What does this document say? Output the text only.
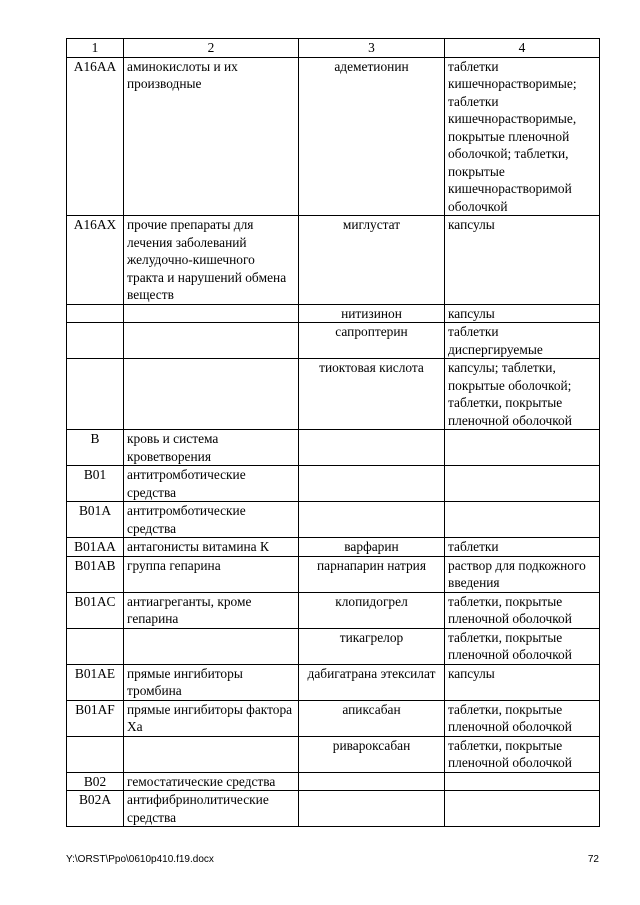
1	2	3	4
A16AA	аминокислоты и их производные	адеметионин	таблетки кишечнорастворимые; таблетки кишечнорастворимые, покрытые пленочной оболочкой; таблетки, покрытые кишечнорастворимой оболочкой
A16AX	прочие препараты для лечения заболеваний желудочно-кишечного тракта и нарушений обмена веществ	миглустат	капсулы
		нитизинон	капсулы
		сапроптерин	таблетки диспергируемые
		тиоктовая кислота	капсулы; таблетки, покрытые оболочкой; таблетки, покрытые пленочной оболочкой
B	кровь и система кроветворения		
B01	антитромботические средства		
B01A	антитромботические средства		
B01AA	антагонисты витамина К	варфарин	таблетки
B01AB	группа гепарина	парнапарин натрия	раствор для подкожного введения
B01AC	антиагреганты, кроме гепарина	клопидогрел	таблетки, покрытые пленочной оболочкой
		тикагрелор	таблетки, покрытые пленочной оболочкой
B01AE	прямые ингибиторы тромбина	дабигатрана этексилат	капсулы
B01AF	прямые ингибиторы фактора Ха	апиксабан	таблетки, покрытые пленочной оболочкой
		ривароксабан	таблетки, покрытые пленочной оболочкой
B02	гемостатические средства		
B02A	антифибринолитические средства		
Y:\ORST\Ppo\0610p410.f19.docx	72
